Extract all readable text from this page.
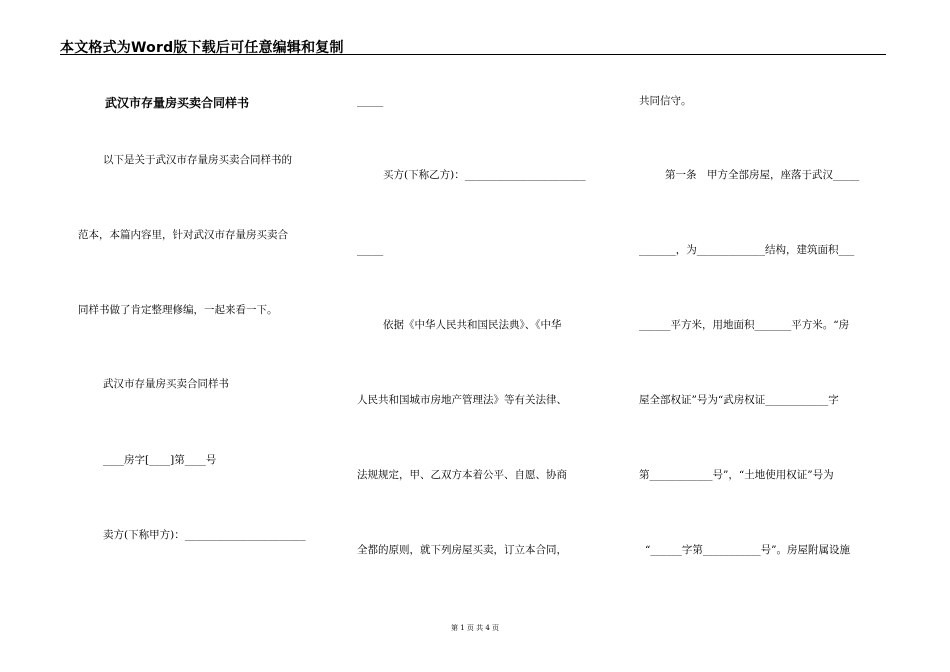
本文格式为Word版下载后可任意编辑和复制
武汉市存量房买卖合同样书
以下是关于武汉市存量房买卖合同样书的
范本，本篇内容里，针对武汉市存量房买卖合
同样书做了肯定整理修编，一起来看一下。
武汉市存量房买卖合同样书
____房字[____]第____号
卖方(下称甲方)：_______________________
_____
买方(下称乙方)：_______________________
_____
依据《中华人民共和国民法典》、《中华
人民共和国城市房地产管理法》等有关法律、
法规规定，甲、乙双方本着公平、自愿、协商
全都的原则，就下列房屋买卖，订立本合同，
共同信守。
第一条　甲方全部房屋，座落于武汉_____
_______，为_____________结构，建筑面积___
______平方米，用地面积_______平方米。“房
屋全部权证”号为“武房权证____________字
第____________号”，“土地使用权证”号为
“______字第___________号”。房屋附属设施
第 1 页 共 4 页
